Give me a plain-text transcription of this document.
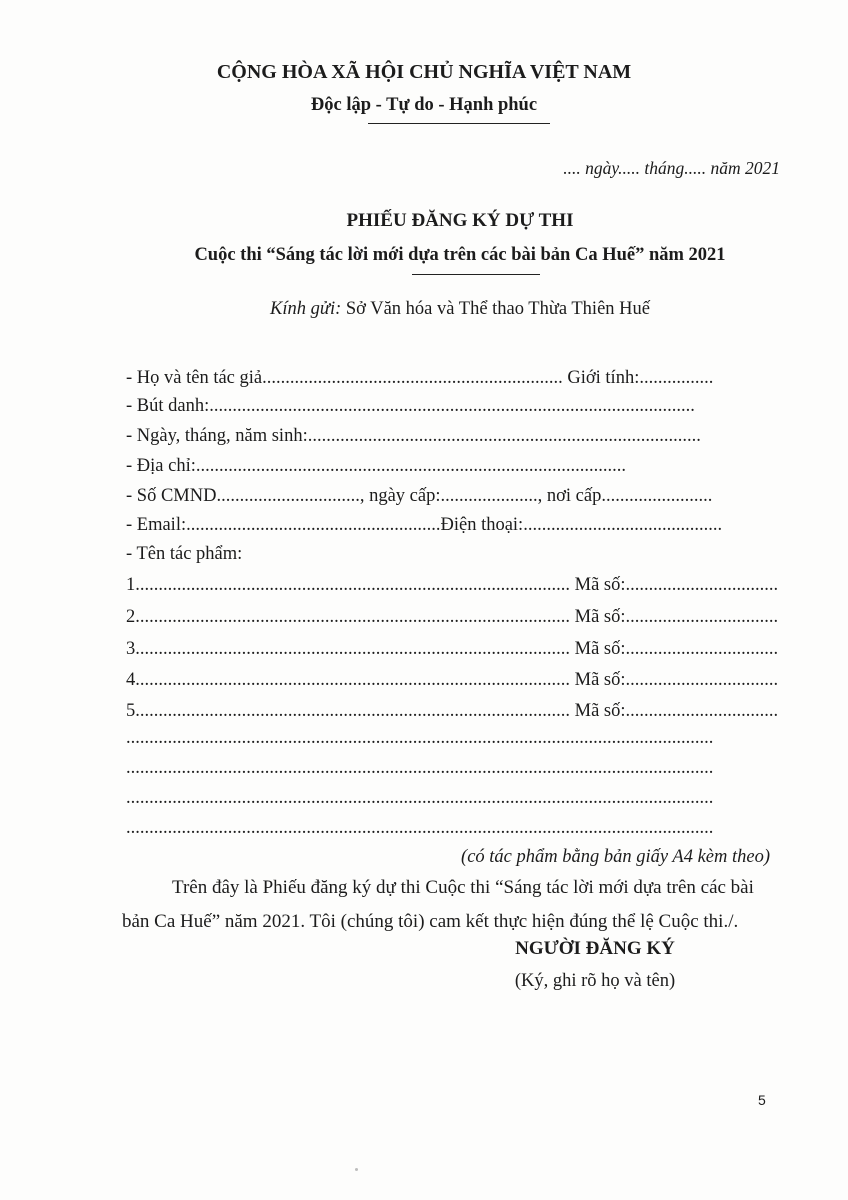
CỘNG HÒA XÃ HỘI CHỦ NGHĨA VIỆT NAM
Độc lập - Tự do - Hạnh phúc
.... ngày..... tháng..... năm 2021
PHIẾU ĐĂNG KÝ DỰ THI
Cuộc thi “Sáng tác lời mới dựa trên các bài bản Ca Huế” năm 2021
Kính gửi: Sở Văn hóa và Thể thao Thừa Thiên Huế
- Họ và tên tác giả................................................................. Giới tính:................
- Bút danh:.........................................................................................................
- Ngày, tháng, năm sinh:.....................................................................................
- Địa chỉ:.............................................................................................
- Số CMND..............................., ngày cấp:....................., nơi cấp........................
- Email:.......................................................Điện thoại:...........................................
- Tên tác phẩm:
1.............................................................................................. Mã số:.................................
2.............................................................................................. Mã số:.................................
3.............................................................................................. Mã số:.................................
4.............................................................................................. Mã số:.................................
5.............................................................................................. Mã số:.................................
...............................................................................................................................
...............................................................................................................................
...............................................................................................................................
...............................................................................................................................
(có tác phẩm bằng bản giấy A4 kèm theo)
Trên đây là Phiếu đăng ký dự thi Cuộc thi “Sáng tác lời mới dựa trên các bài
bản Ca Huế” năm 2021. Tôi (chúng tôi) cam kết thực hiện đúng thể lệ Cuộc thi./.
NGƯỜI ĐĂNG KÝ
(Ký, ghi rõ họ và tên)
5
